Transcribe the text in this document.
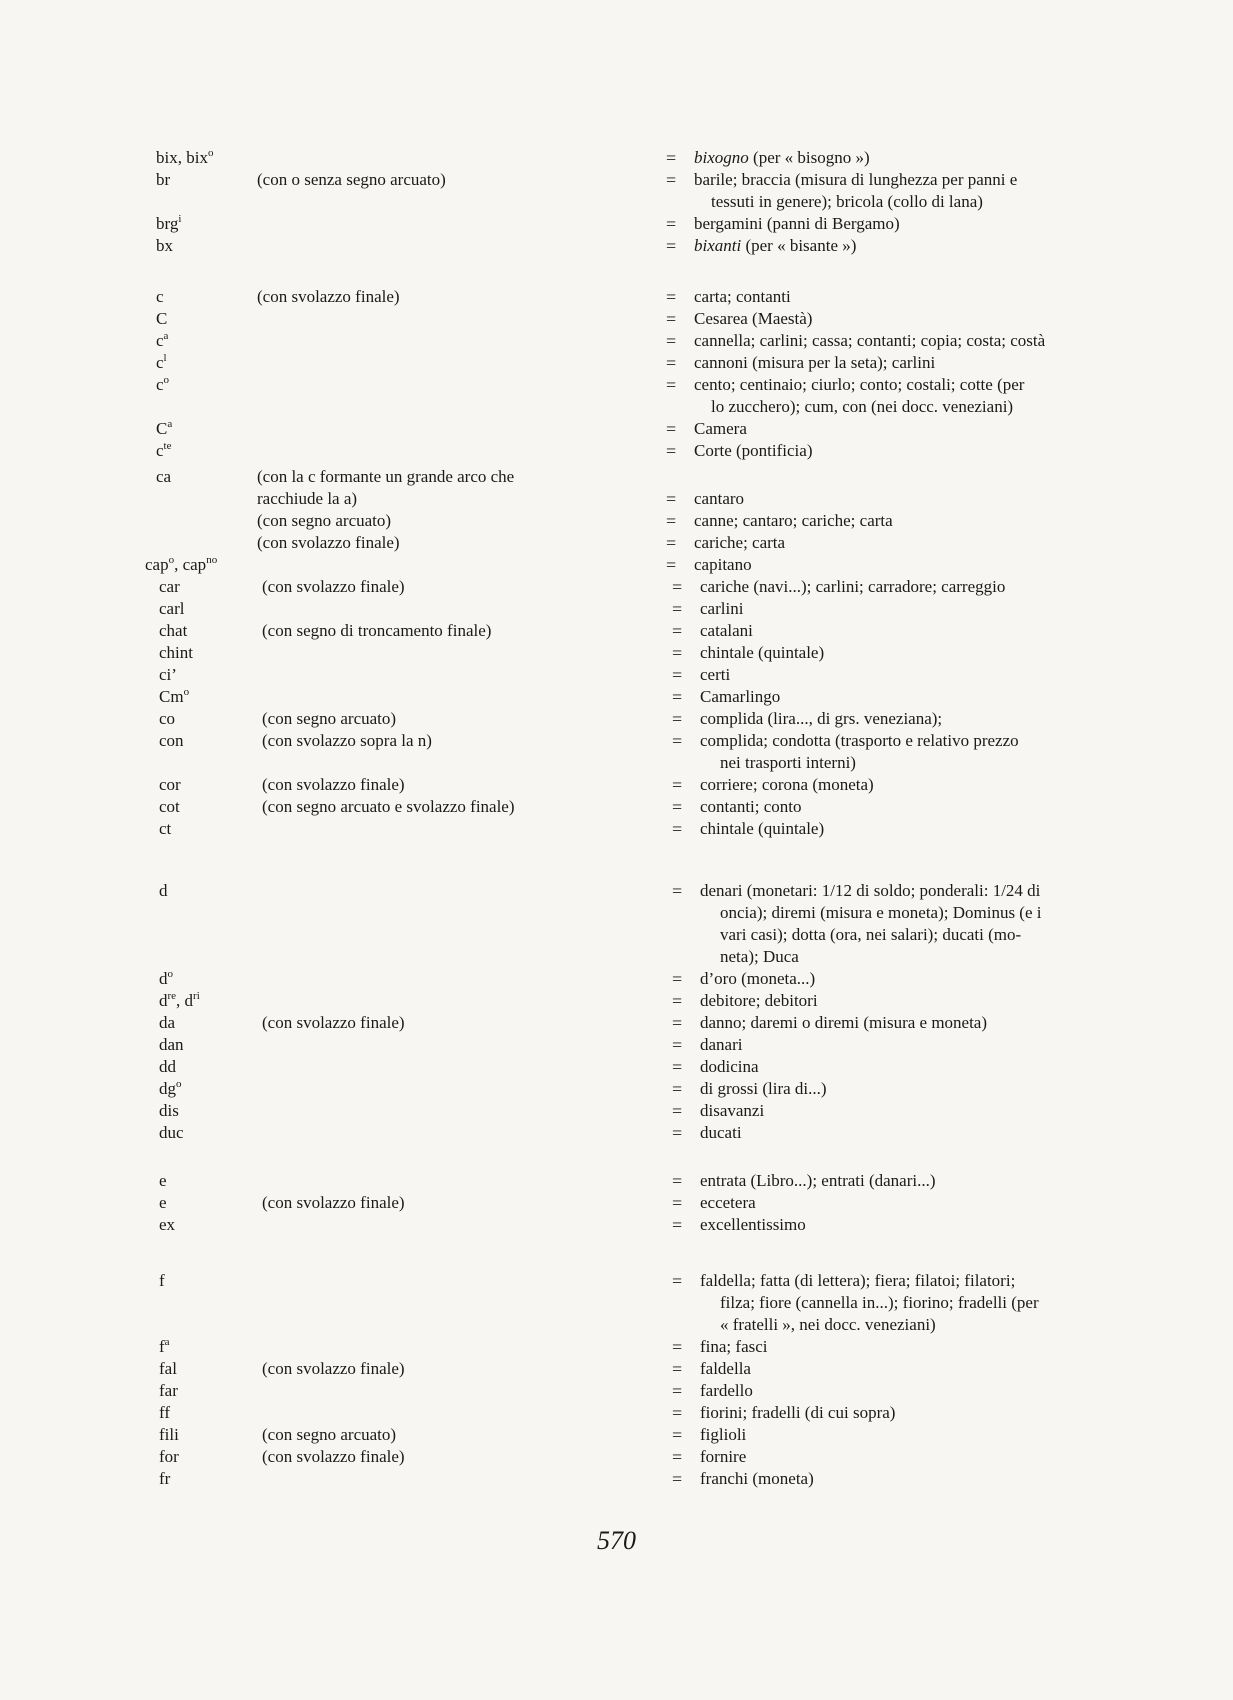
bix, bix$^o$	= bixogno (per « bisogno »)
br	(con o senza segno arcuato)	= barile; braccia (misura di lunghezza per panni e
tessuti in genere); bricola (collo di lana)
brg$^i$	= bergamini (panni di Bergamo)
bx	= bixanti (per « bisante »)
c	(con svolazzo finale)	= carta; contanti
C	= Cesarea (Maestà)
$c^a$	= cannella; carlini; cassa; contanti; copia; costa; costà
$c^l$	= cannoni (misura per la seta); carlini
$c^o$	= cento; centinaio; ciurlo; conto; costali; cotte (per
lo zucchero); cum, con (nei docc. veneziani)
$C^a$	= Camera
$c^{te}$	= Corte (pontificia)
ca	(con la c formante un grande arco che
racchiude la a)	= cantaro
(con segno arcuato)	= canne; cantaro; cariche; carta
(con svolazzo finale)	= cariche; carta
cap$^o$, cap$^{no}$	= capitano
car	(con svolazzo finale)	= cariche (navi...); carlini; carradore; carreggio
carl	= carlini
chat	(con segno di troncamento finale)	= catalani
chint	= chintale (quintale)
ci’	= certi
$Cm^o$	= Camarlingo
co	(con segno arcuato)	= complida (lira..., di grs. veneziana);
con	(con svolazzo sopra la n)	= complida; condotta (trasporto e relativo prezzo
nei trasporti interni)
cor	(con svolazzo finale)	= corriere; corona (moneta)
cot	(con segno arcuato e svolazzo finale)	= contanti; conto
ct	= chintale (quintale)
d	= denari (monetari: 1/12 di soldo; ponderali: 1/24 di
oncia); diremi (misura e moneta); Dominus (e i
vari casi); dotta (ora, nei salari); ducati (mo-
neta); Duca
$d^o$	= d’oro (moneta...)
$d^{re}$, $d^{ri}$	= debitore; debitori
da	(con svolazzo finale)	= danno; daremi o diremi (misura e moneta)
dan	= danari
dd	= dodicina
$dg^o$	= di grossi (lira di...)
dis	= disavanzi
duc	= ducati
e	= entrata (Libro...); entrati (danari...)
e	(con svolazzo finale)	= eccetera
ex	= excellentissimo
f	= faldella; fatta (di lettera); fiera; filatoi; filatori;
filza; fiore (cannella in...); fiorino; fradelli (per
« fratelli », nei docc. veneziani)
$f^a$	= fina; fasci
fal	(con svolazzo finale)	= faldella
far	= fardello
ff	= fiorini; fradelli (di cui sopra)
fili	(con segno arcuato)	= figlioli
for	(con svolazzo finale)	= fornire
fr	= franchi (moneta)
570
